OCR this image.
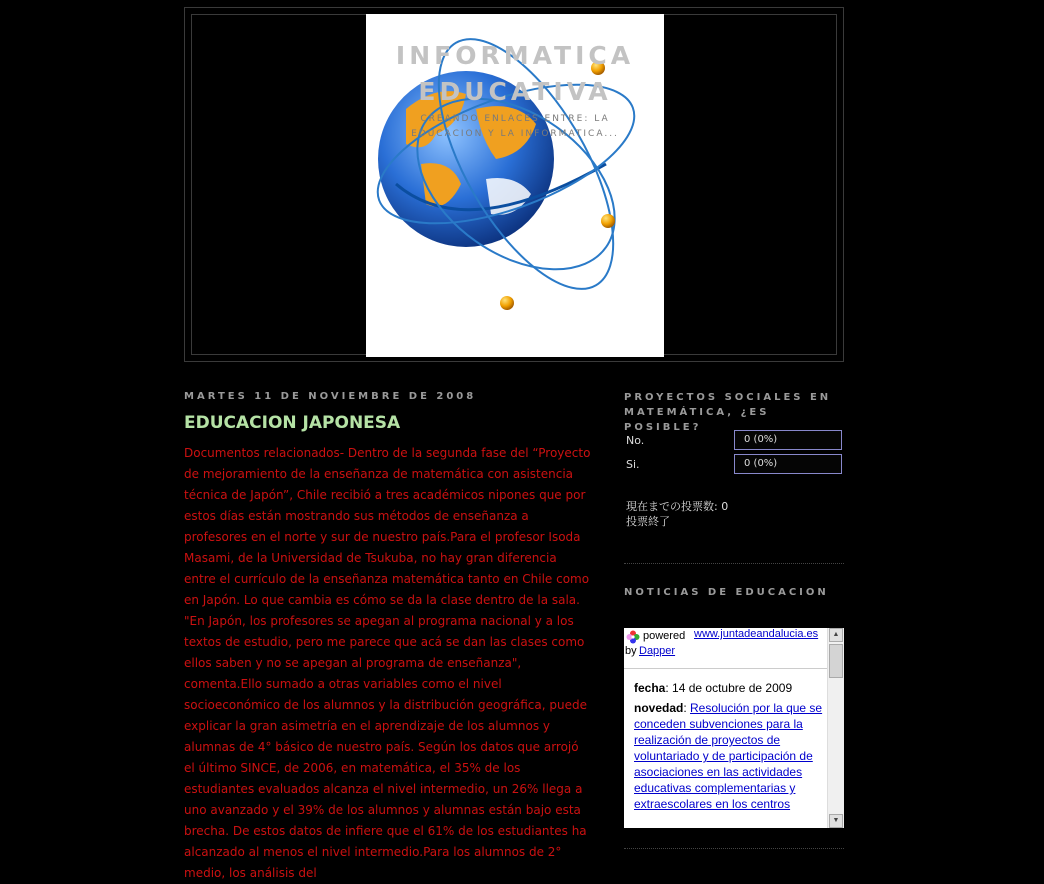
INFORMATICA
EDUCATIVA
CREANDO ENLACES ENTRE: LA
EDUCACION Y LA INFORMATICA...
MARTES 11 DE NOVIEMBRE DE 2008
EDUCACION JAPONESA

Documentos relacionados- Dentro de la segunda fase del “Proyecto de mejoramiento de la enseñanza de matemática con asistencia técnica de Japón”, Chile recibió a tres académicos nipones que por estos días están mostrando sus métodos de enseñanza a profesores en el norte y sur de nuestro país.Para el profesor Isoda Masami, de la Universidad de Tsukuba, no hay gran diferencia entre el currículo de la enseñanza matemática tanto en Chile como en Japón. Lo que cambia es cómo se da la clase dentro de la sala. "En Japón, los profesores se apegan al programa nacional y a los textos de estudio, pero me parece que acá se dan las clases como ellos saben y no se apegan al programa de enseñanza", comenta.Ello sumado a otras variables como el nivel socioeconómico de los alumnos y la distribución geográfica, puede explicar la gran asimetría en el aprendizaje de los alumnos y alumnas de 4° básico de nuestro país. Según los datos que arrojó el último SINCE, de 2006, en matemática, el 35% de los estudiantes evaluados alcanza el nivel intermedio, un 26% llega a uno avanzado y el 39% de los alumnos y alumnas están bajo esta brecha. De estos datos de infiere que el 61% de los estudiantes ha alcanzado al menos el nivel intermedio.Para los alumnos de 2° medio, los análisis del

PROYECTOS SOCIALES EN MATEMÁTICA, ¿ES POSIBLE?
No.	0 (0%)
Si.	0 (0%)
現在までの投票数: 0
投票終了
NOTICIAS DE EDUCACION
powered www.juntadeandalucia.es
by Dapper
fecha: 14 de octubre de 2009
novedad: Resolución por la que se conceden subvenciones para la realización de proyectos de voluntariado y de participación de asociaciones en las actividades educativas complementarias y extraescolares en los centros
▲
▼
